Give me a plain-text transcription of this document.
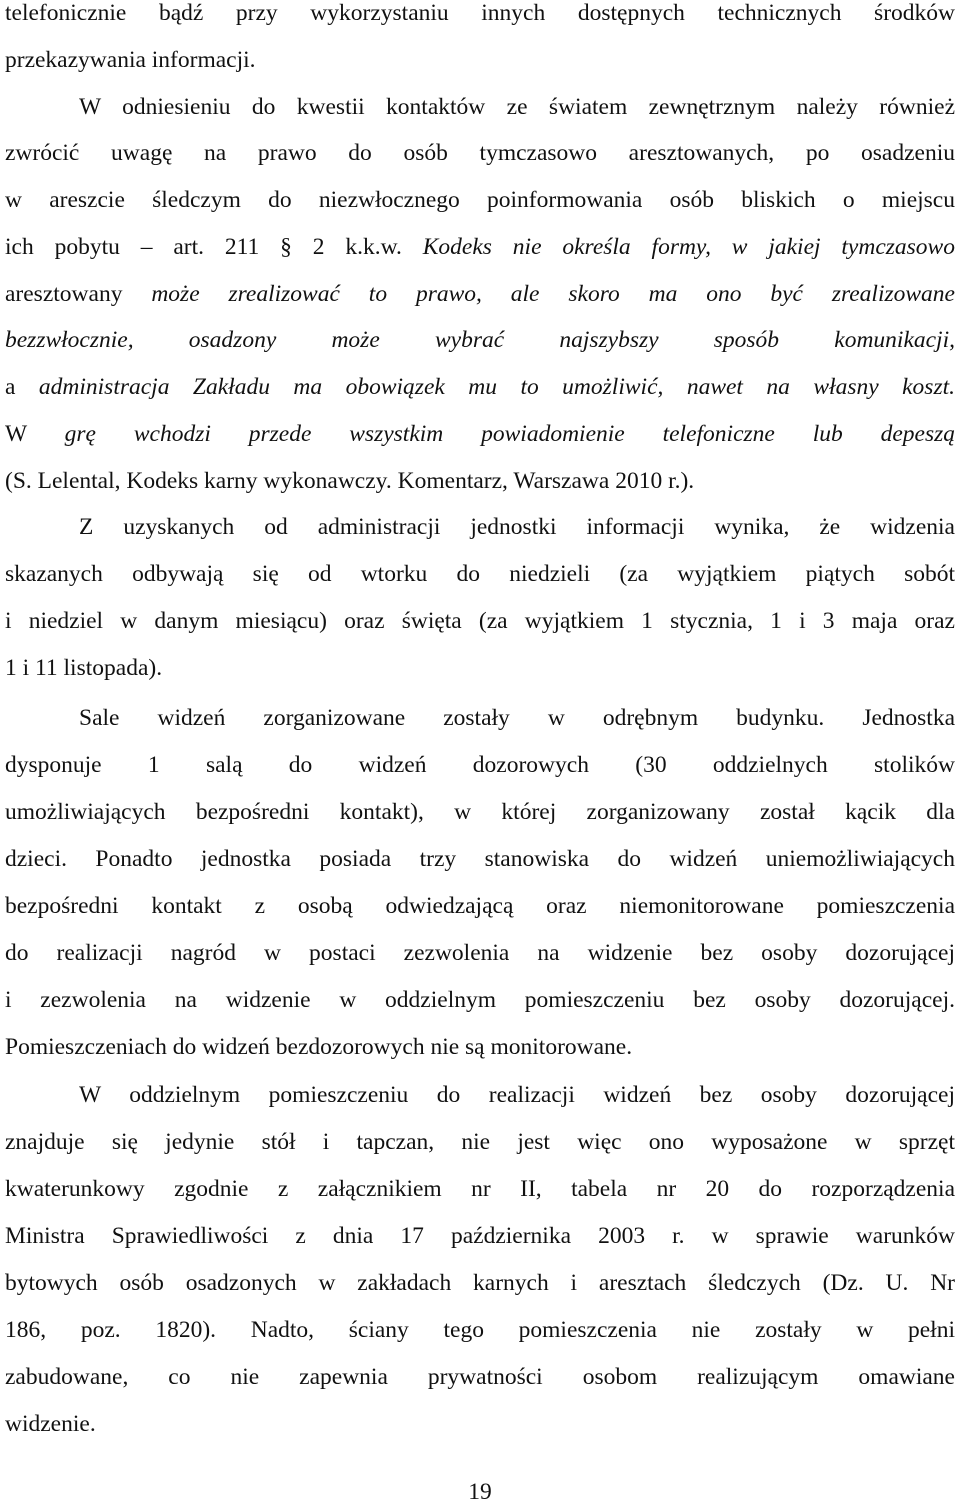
telefonicznie bądź przy wykorzystaniu innych dostępnych technicznych środków
przekazywania informacji.
W odniesieniu do kwestii kontaktów ze światem zewnętrznym należy również
zwrócić uwagę na prawo do osób tymczasowo aresztowanych, po osadzeniu
w areszcie śledczym do niezwłocznego poinformowania osób bliskich o miejscu
ich pobytu – art. 211 § 2 k.k.w. Kodeks nie określa formy, w jakiej tymczasowo
aresztowany może zrealizować to prawo, ale skoro ma ono być zrealizowane
bezzwłocznie, osadzony może wybrać najszybszy sposób komunikacji,
a administracja Zakładu ma obowiązek mu to umożliwić, nawet na własny koszt.
W grę wchodzi przede wszystkim powiadomienie telefoniczne lub depeszą
(S. Lelental, Kodeks karny wykonawczy. Komentarz, Warszawa 2010 r.).
Z uzyskanych od administracji jednostki informacji wynika, że widzenia
skazanych odbywają się od wtorku do niedzieli (za wyjątkiem piątych sobót
i niedziel w danym miesiącu) oraz święta (za wyjątkiem 1 stycznia, 1 i 3 maja oraz
1 i 11 listopada).
Sale widzeń zorganizowane zostały w odrębnym budynku. Jednostka
dysponuje 1 salą do widzeń dozorowych (30 oddzielnych stolików
umożliwiających bezpośredni kontakt), w której zorganizowany został kącik dla
dzieci. Ponadto jednostka posiada trzy stanowiska do widzeń uniemożliwiających
bezpośredni kontakt z osobą odwiedzającą oraz niemonitorowane pomieszczenia
do realizacji nagród w postaci zezwolenia na widzenie bez osoby dozorującej
i zezwolenia na widzenie w oddzielnym pomieszczeniu bez osoby dozorującej.
Pomieszczeniach do widzeń bezdozorowych nie są monitorowane.
W oddzielnym pomieszczeniu do realizacji widzeń bez osoby dozorującej
znajduje się jedynie stół i tapczan, nie jest więc ono wyposażone w sprzęt
kwaterunkowy zgodnie z załącznikiem nr II, tabela nr 20 do rozporządzenia
Ministra Sprawiedliwości z dnia 17 października 2003 r. w sprawie warunków
bytowych osób osadzonych w zakładach karnych i aresztach śledczych (Dz. U. Nr
186, poz. 1820). Nadto, ściany tego pomieszczenia nie zostały w pełni
zabudowane, co nie zapewnia prywatności osobom realizującym omawiane
widzenie.
19
